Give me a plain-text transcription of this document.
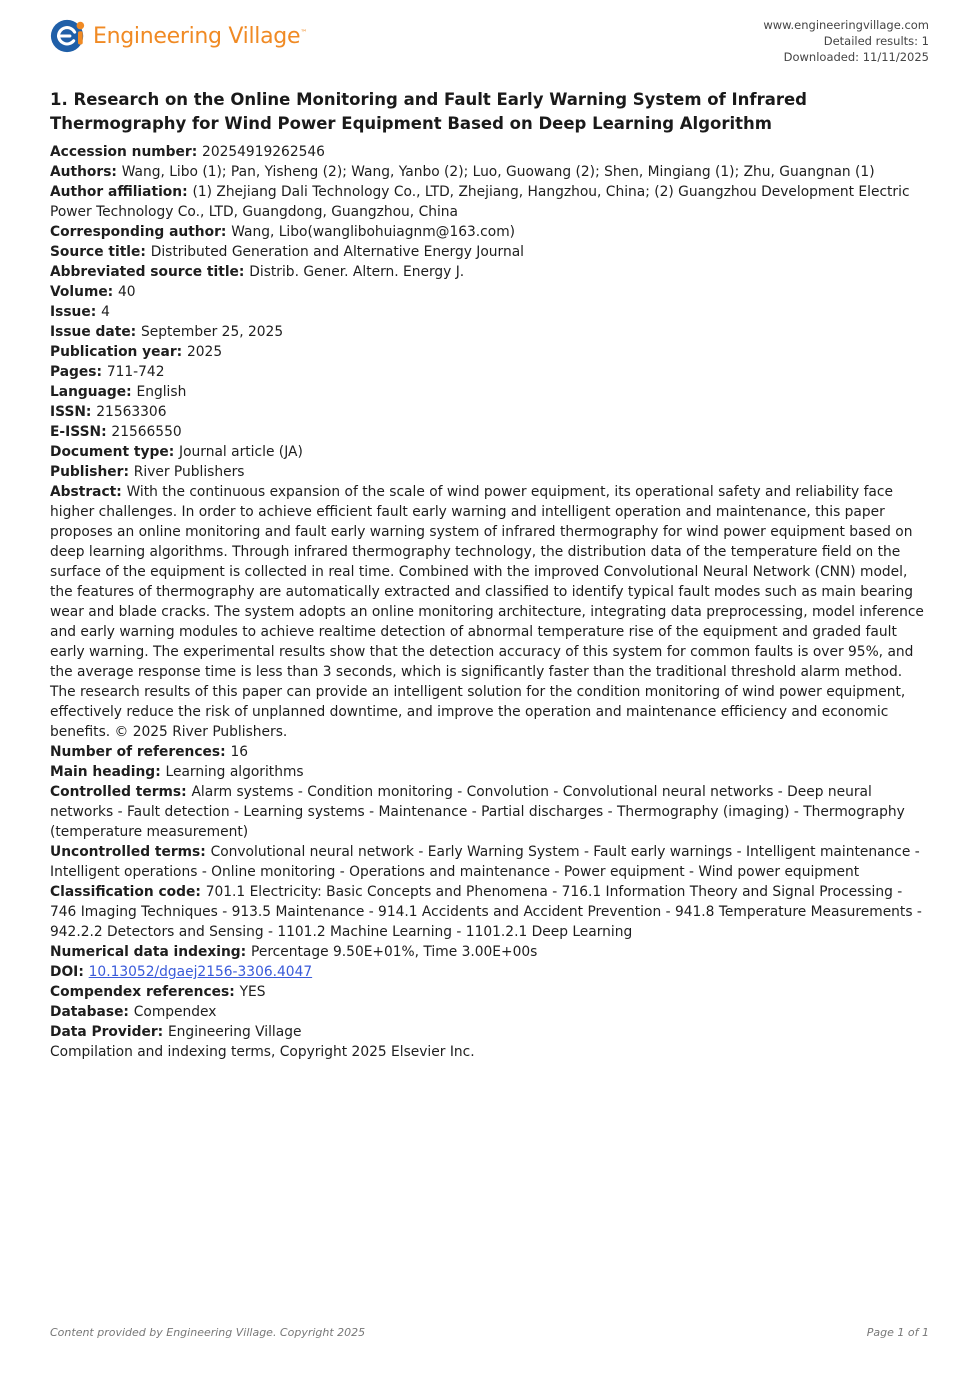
Engineering Village™
www.engineeringvillage.com
Detailed results: 1
Downloaded: 11/11/2025
1. Research on the Online Monitoring and Fault Early Warning System of Infrared Thermography for Wind Power Equipment Based on Deep Learning Algorithm
Accession number: 20254919262546
Authors: Wang, Libo (1); Pan, Yisheng (2); Wang, Yanbo (2); Luo, Guowang (2); Shen, Mingiang (1); Zhu, Guangnan (1)
Author affiliation: (1) Zhejiang Dali Technology Co., LTD, Zhejiang, Hangzhou, China; (2) Guangzhou Development Electric Power Technology Co., LTD, Guangdong, Guangzhou, China
Corresponding author: Wang, Libo(wanglibohuiagnm@163.com)
Source title: Distributed Generation and Alternative Energy Journal
Abbreviated source title: Distrib. Gener. Altern. Energy J.
Volume: 40
Issue: 4
Issue date: September 25, 2025
Publication year: 2025
Pages: 711-742
Language: English
ISSN: 21563306
E-ISSN: 21566550
Document type: Journal article (JA)
Publisher: River Publishers
Abstract: With the continuous expansion of the scale of wind power equipment, its operational safety and reliability face higher challenges. In order to achieve efficient fault early warning and intelligent operation and maintenance, this paper proposes an online monitoring and fault early warning system of infrared thermography for wind power equipment based on deep learning algorithms. Through infrared thermography technology, the distribution data of the temperature field on the surface of the equipment is collected in real time. Combined with the improved Convolutional Neural Network (CNN) model, the features of thermography are automatically extracted and classified to identify typical fault modes such as main bearing wear and blade cracks. The system adopts an online monitoring architecture, integrating data preprocessing, model inference and early warning modules to achieve realtime detection of abnormal temperature rise of the equipment and graded fault early warning. The experimental results show that the detection accuracy of this system for common faults is over 95%, and the average response time is less than 3 seconds, which is significantly faster than the traditional threshold alarm method. The research results of this paper can provide an intelligent solution for the condition monitoring of wind power equipment, effectively reduce the risk of unplanned downtime, and improve the operation and maintenance efficiency and economic benefits. © 2025 River Publishers.
Number of references: 16
Main heading: Learning algorithms
Controlled terms: Alarm systems - Condition monitoring - Convolution - Convolutional neural networks - Deep neural networks - Fault detection - Learning systems - Maintenance - Partial discharges - Thermography (imaging) - Thermography (temperature measurement)
Uncontrolled terms: Convolutional neural network - Early Warning System - Fault early warnings - Intelligent maintenance - Intelligent operations - Online monitoring - Operations and maintenance - Power equipment - Wind power equipment
Classification code: 701.1 Electricity: Basic Concepts and Phenomena - 716.1 Information Theory and Signal Processing - 746 Imaging Techniques - 913.5 Maintenance - 914.1 Accidents and Accident Prevention - 941.8 Temperature Measurements - 942.2.2 Detectors and Sensing - 1101.2 Machine Learning - 1101.2.1 Deep Learning
Numerical data indexing: Percentage 9.50E+01%, Time 3.00E+00s
DOI: 10.13052/dgaej2156-3306.4047
Compendex references: YES
Database: Compendex
Data Provider: Engineering Village
Compilation and indexing terms, Copyright 2025 Elsevier Inc.
Content provided by Engineering Village. Copyright 2025	Page 1 of 1
